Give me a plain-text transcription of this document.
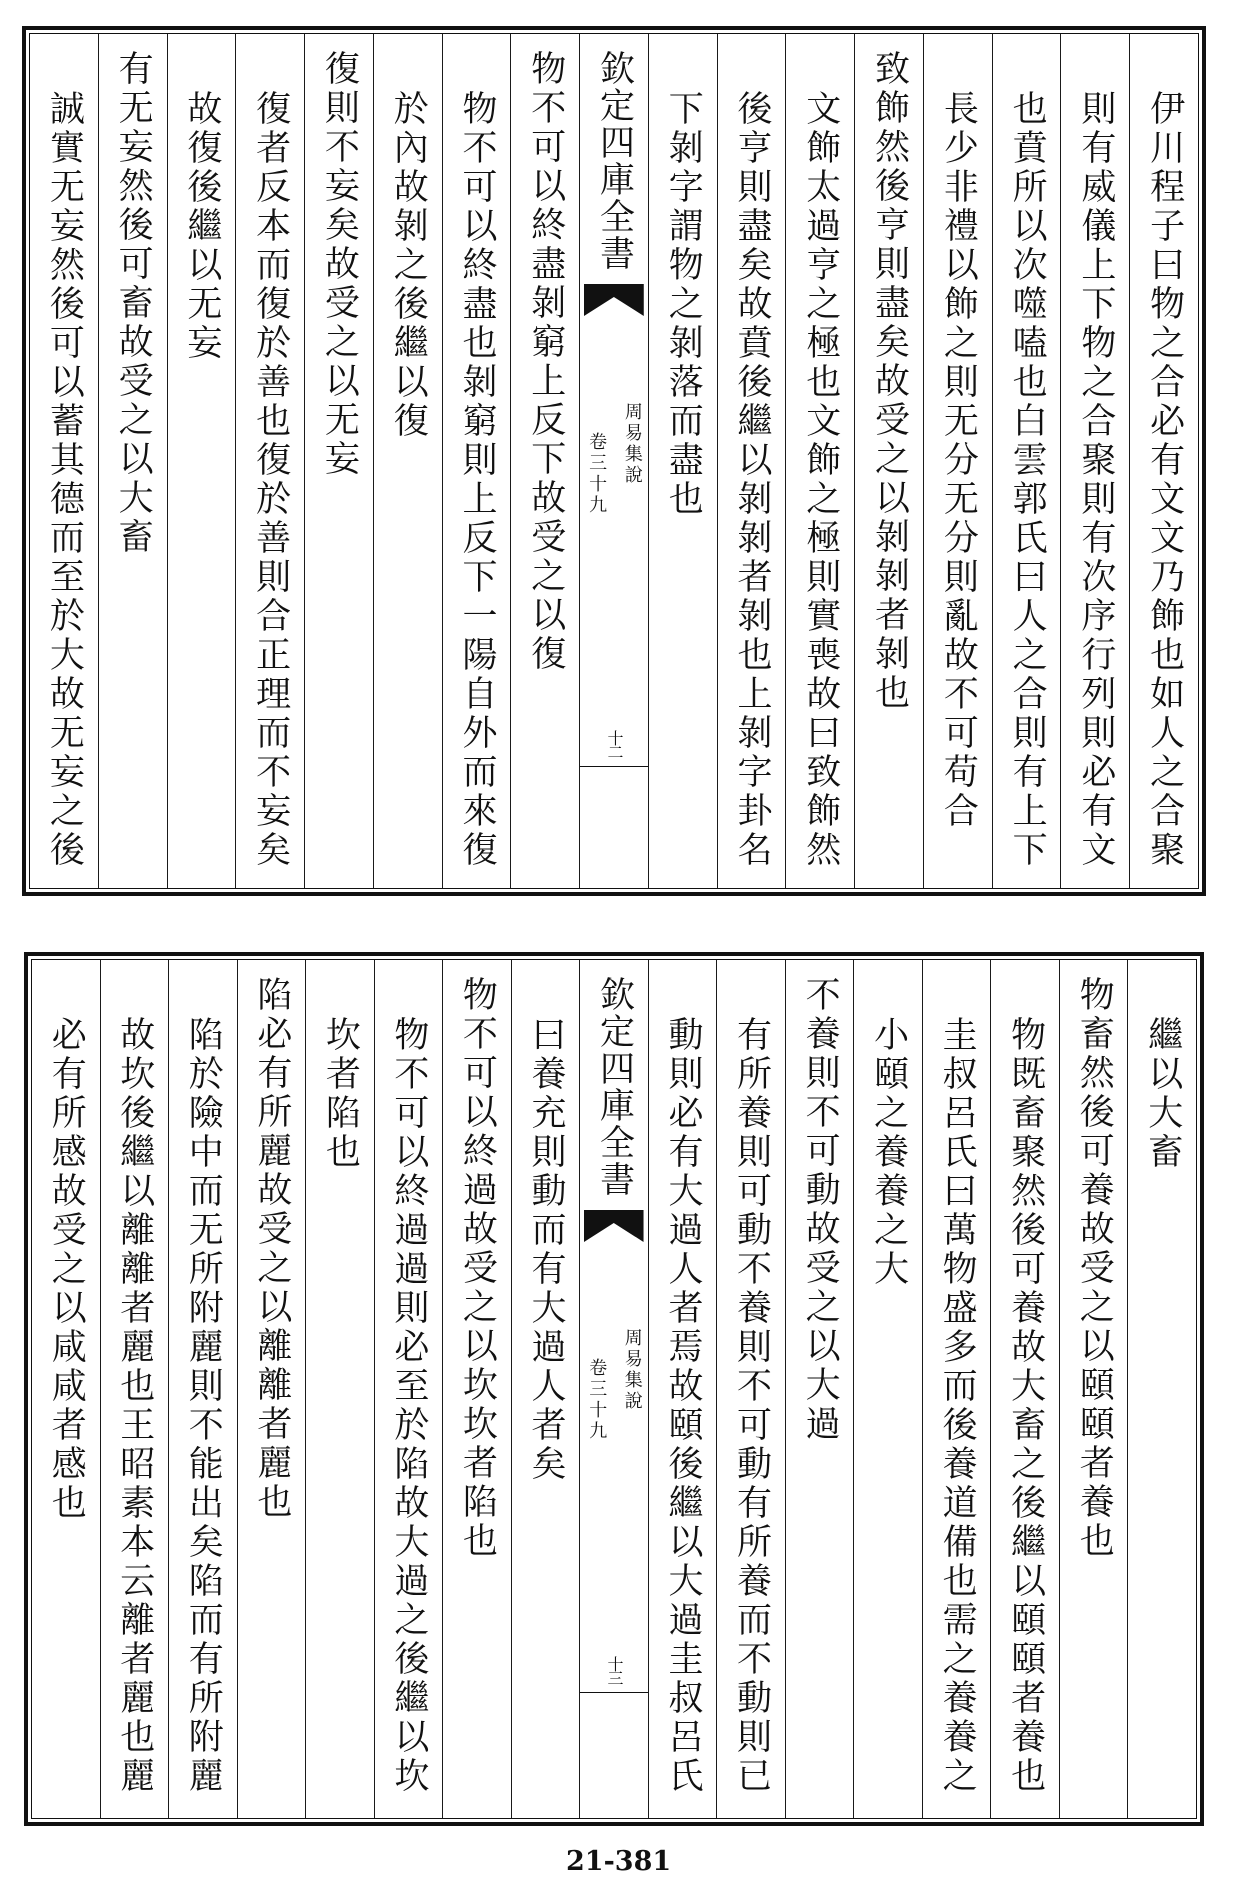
伊川程子曰物之合必有文文乃飾也如人之合聚
則有威儀上下物之合聚則有次序行列則必有文
也賁所以次噬嗑也白雲郭氏曰人之合則有上下
長少非禮以飾之則无分无分則亂故不可苟合
致飾然後亨則盡矣故受之以剝剝者剝也
文飾太過亨之極也文飾之極則實喪故曰致飾然
後亨則盡矣故賁後繼以剝剝者剝也上剝字卦名
下剝字謂物之剝落而盡也
欽定四庫全書
周易集說
卷三十九
十二
物不可以終盡剝窮上反下故受之以復
物不可以終盡也剝窮則上反下一陽自外而來復
於內故剝之後繼以復
復則不妄矣故受之以无妄
復者反本而復於善也復於善則合正理而不妄矣
故復後繼以无妄
有无妄然後可畜故受之以大畜
誠實无妄然後可以蓄其德而至於大故无妄之後
繼以大畜
物畜然後可養故受之以頤頤者養也
物既畜聚然後可養故大畜之後繼以頤頤者養也
圭叔呂氏曰萬物盛多而後養道備也需之養養之
小頤之養養之大
不養則不可動故受之以大過
有所養則可動不養則不可動有所養而不動則已
動則必有大過人者焉故頤後繼以大過圭叔呂氏
欽定四庫全書
周易集說
卷三十九
十三
曰養充則動而有大過人者矣
物不可以終過故受之以坎坎者陷也
物不可以終過過則必至於陷故大過之後繼以坎
坎者陷也
陷必有所麗故受之以離離者麗也
陷於險中而无所附麗則不能出矣陷而有所附麗
故坎後繼以離離者麗也王昭素本云離者麗也麗
必有所感故受之以咸咸者感也
21-381
